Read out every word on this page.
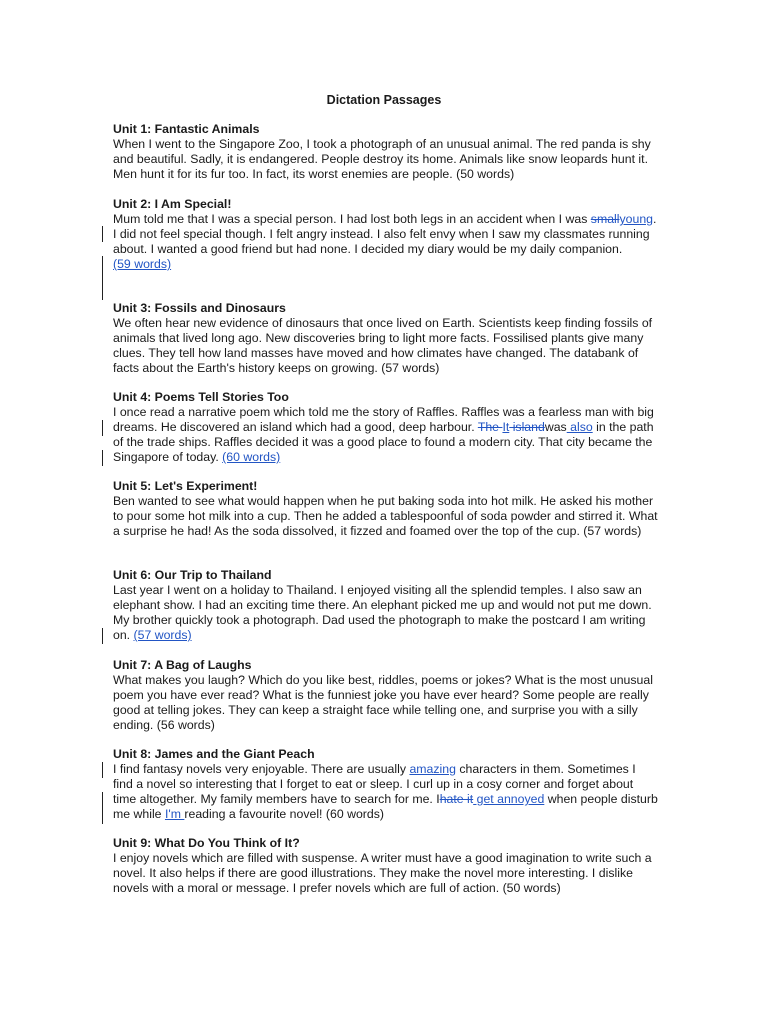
Dictation Passages
Unit 1: Fantastic Animals
When I went to the Singapore Zoo, I took a photograph of an unusual animal. The red panda is shy and beautiful. Sadly, it is endangered. People destroy its home. Animals like snow leopards hunt it. Men hunt it for its fur too. In fact, its worst enemies are people. (50 words)
Unit 2: I Am Special!
Mum told me that I was a special person. I had lost both legs in an accident when I was smallyoung. I did not feel special though. I felt angry instead. I also felt envy when I saw my classmates running about. I wanted a good friend but had none. I decided my diary would be my daily companion.
(59 words)
Unit 3: Fossils and Dinosaurs
We often hear new evidence of dinosaurs that once lived on Earth. Scientists keep finding fossils of animals that lived long ago. New discoveries bring to light more facts. Fossilised plants give many clues. They tell how land masses have moved and how climates have changed. The databank of facts about the Earth's history keeps on growing. (57 words)
Unit 4: Poems Tell Stories Too
I once read a narrative poem which told me the story of Raffles. Raffles was a fearless man with big dreams. He discovered an island which had a good, deep harbour. The It islandwas also in the path of the trade ships. Raffles decided it was a good place to found a modern city. That city became the Singapore of today. (60 words)
Unit 5: Let's Experiment!
Ben wanted to see what would happen when he put baking soda into hot milk. He asked his mother to pour some hot milk into a cup. Then he added a tablespoonful of soda powder and stirred it. What a surprise he had! As the soda dissolved, it fizzed and foamed over the top of the cup. (57 words)
Unit 6: Our Trip to Thailand
Last year I went on a holiday to Thailand. I enjoyed visiting all the splendid temples. I also saw an elephant show. I had an exciting time there. An elephant picked me up and would not put me down. My brother quickly took a photograph. Dad used the photograph to make the postcard I am writing on. (57 words)
Unit 7: A Bag of Laughs
What makes you laugh? Which do you like best, riddles, poems or jokes? What is the most unusual poem you have ever read? What is the funniest joke you have ever heard? Some people are really good at telling jokes. They can keep a straight face while telling one, and surprise you with a silly ending. (56 words)
Unit 8: James and the Giant Peach
I find fantasy novels very enjoyable. There are usually amazing characters in them. Sometimes I find a novel so interesting that I forget to eat or sleep. I curl up in a cosy corner and forget about time altogether. My family members have to search for me. Ihate it get annoyed when people disturb me while I'm reading a favourite novel! (60 words)
Unit 9: What Do You Think of It?
I enjoy novels which are filled with suspense. A writer must have a good imagination to write such a novel. It also helps if there are good illustrations. They make the novel more interesting. I dislike novels with a moral or message. I prefer novels which are full of action. (50 words)
